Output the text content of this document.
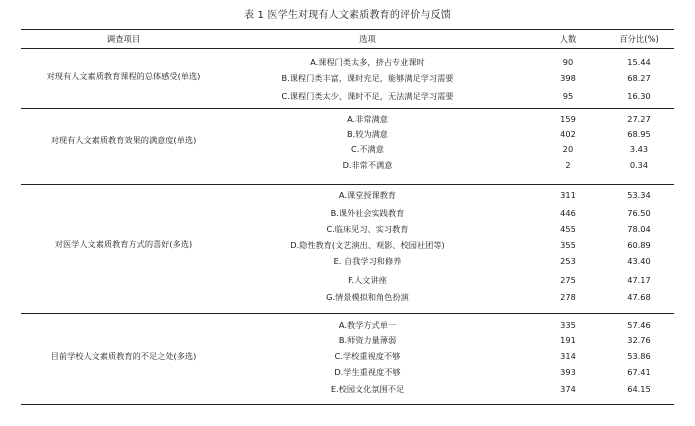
表 1 医学生对现有人文素质教育的评价与反馈
调查项目	选项	人数	百分比(%)
对现有人文素质教育课程的总体感受(单选)
A.课程门类太多，挤占专业课时	90	15.44
B.课程门类丰富，课时充足，能够满足学习需要	398	68.27
C.课程门类太少，课时不足，无法满足学习需要	95	16.30
对现有人文素质教育效果的满意度(单选)
A.非常满意	159	27.27
B.较为满意	402	68.95
C.不满意	20	3.43
D.非常不满意	2	0.34
对医学人文素质教育方式的喜好(多选)
A.课堂授课教育	311	53.34
B.课外社会实践教育	446	76.50
C.临床见习、实习教育	455	78.04
D.隐性教育(文艺演出、观影、校园社团等)	355	60.89
E. 自我学习和修养	253	43.40
F.人文讲座	275	47.17
G.情景模拟和角色扮演	278	47.68
目前学校人文素质教育的不足之处(多选)
A.教学方式单一	335	57.46
B.师资力量薄弱	191	32.76
C.学校重视度不够	314	53.86
D.学生重视度不够	393	67.41
E.校园文化氛围不足	374	64.15
